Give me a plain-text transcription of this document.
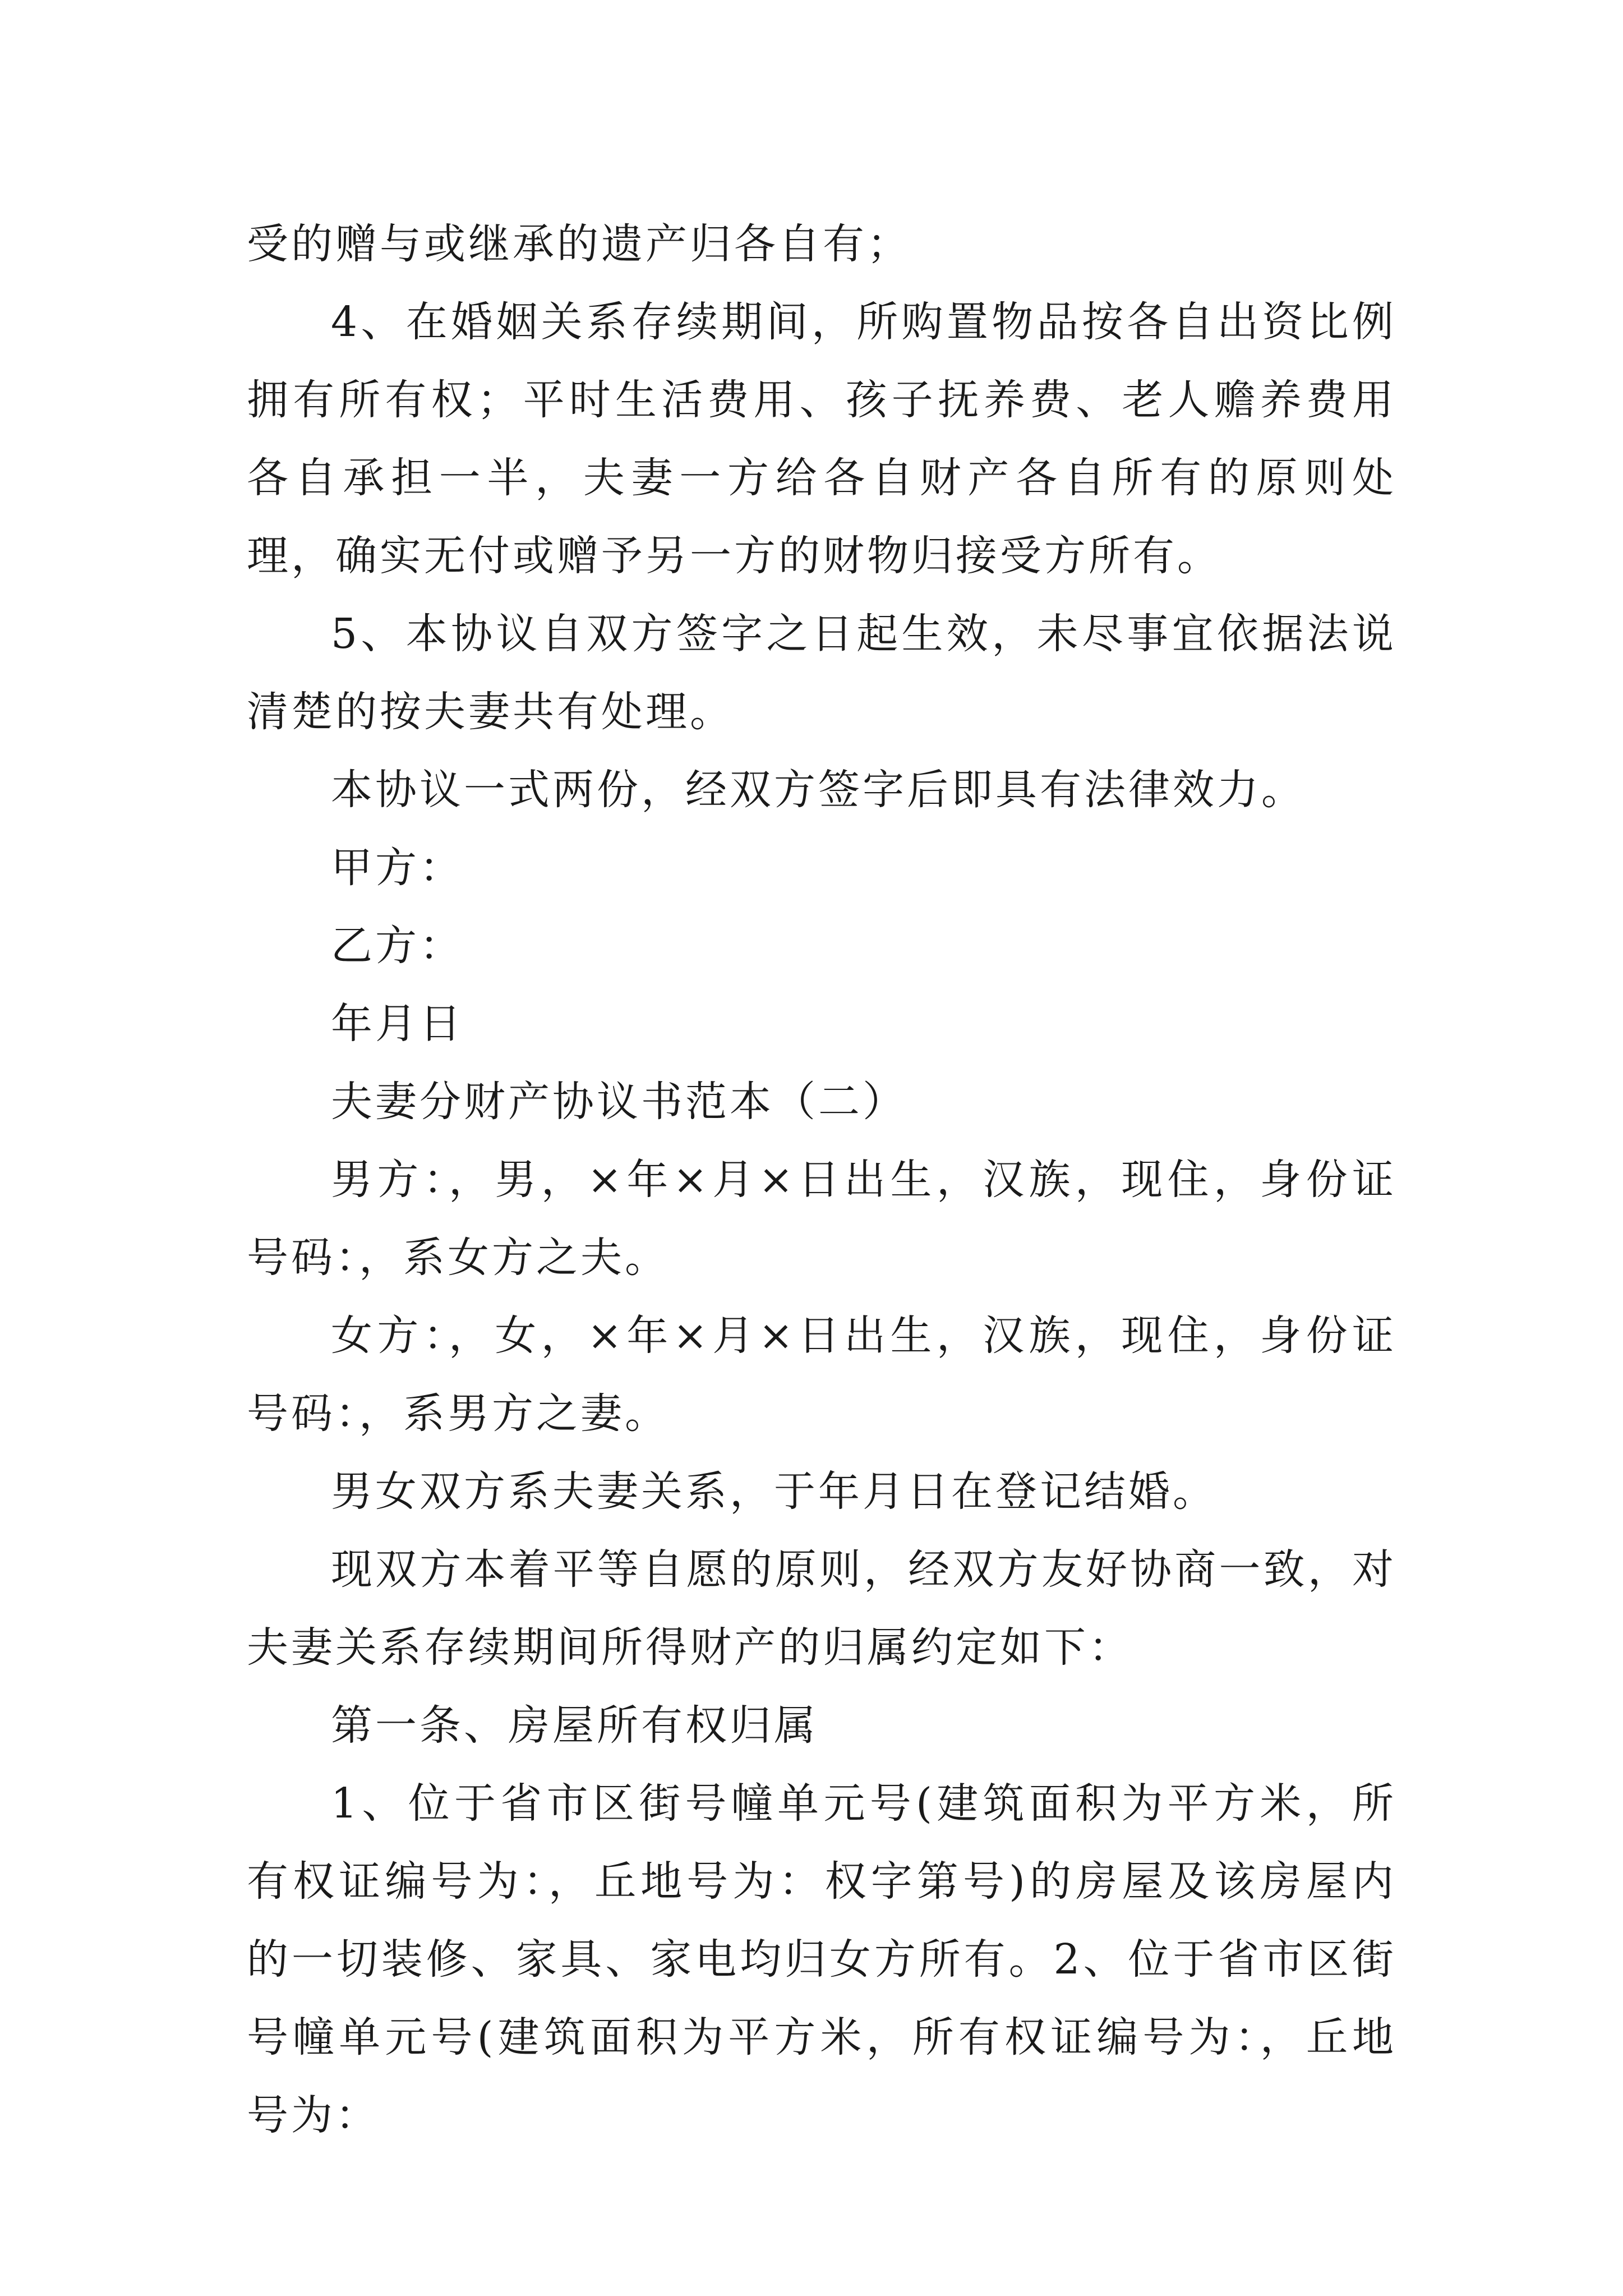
受的赠与或继承的遗产归各自有；

4、在婚姻关系存续期间，所购置物品按各自出资比例拥有所有权；平时生活费用、孩子抚养费、老人赡养费用各自承担一半，夫妻一方给各自财产各自所有的原则处理，确实无付或赠予另一方的财物归接受方所有。

5、本协议自双方签字之日起生效，未尽事宜依据法说清楚的按夫妻共有处理。

本协议一式两份，经双方签字后即具有法律效力。

甲方：

乙方：

年月日

夫妻分财产协议书范本（二）

男方：，男，×年×月×日出生，汉族，现住，身份证号码：，系女方之夫。

女方：，女，×年×月×日出生，汉族，现住，身份证号码：，系男方之妻。

男女双方系夫妻关系，于年月日在登记结婚。

现双方本着平等自愿的原则，经双方友好协商一致，对夫妻关系存续期间所得财产的归属约定如下：

第一条、房屋所有权归属

1、位于省市区街号幢单元号(建筑面积为平方米，所有权证编号为：，丘地号为：权字第号)的房屋及该房屋内的一切装修、家具、家电均归女方所有。2、位于省市区街号幢单元号(建筑面积为平方米，所有权证编号为：，丘地号为：
